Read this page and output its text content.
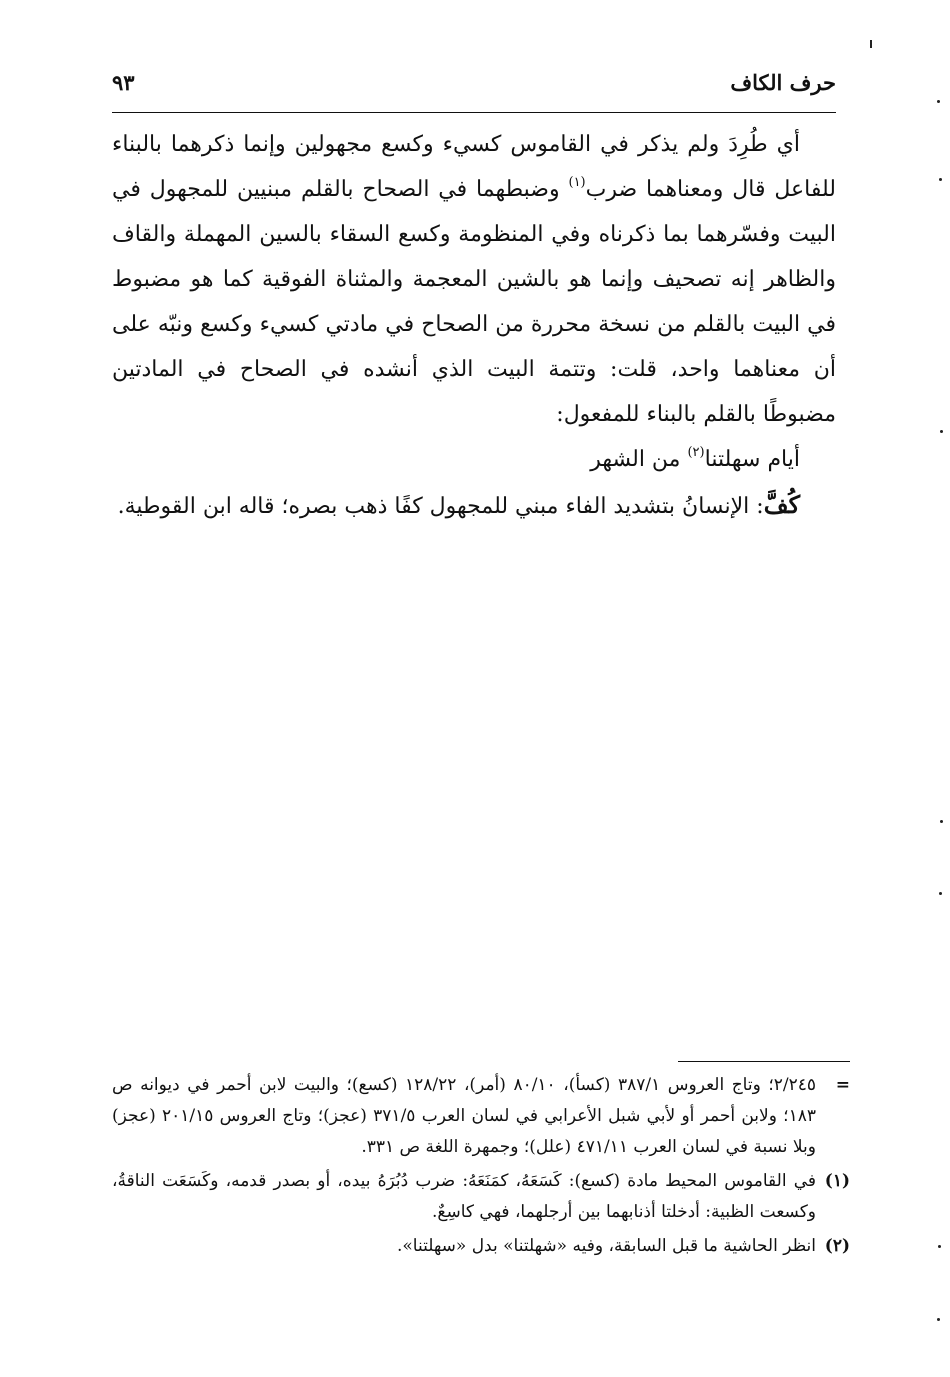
حرف الكاف
٩٣

أي طُرِدَ ولم يذكر في القاموس كسيء وكسع مجهولين وإنما ذكرهما بالبناء للفاعل قال ومعناهما ضرب$^{(١)}$ وضبطهما في الصحاح بالقلم مبنيين للمجهول في البيت وفسّرهما بما ذكرناه وفي المنظومة وكسع السقاء بالسين المهملة والقاف والظاهر إنه تصحيف وإنما هو بالشين المعجمة والمثناة الفوقية كما هو مضبوط في البيت بالقلم من نسخة محررة من الصحاح في مادتي كسيء وكسع ونبّه على أن معناهما واحد، قلت: وتتمة البيت الذي أنشده في الصحاح في المادتين مضبوطًا بالقلم بالبناء للمفعول:

أيام سهلتنا$^{(٢)}$ من الشهر

كُفَّ: الإنسانُ بتشديد الفاء مبني للمجهول كفًا ذهب بصره؛ قاله ابن القوطية.

=
٢/٢٤٥؛ وتاج العروس ٣٨٧/١ (كسأ)، ٨٠/١٠ (أمر)، ١٢٨/٢٢ (كسع)؛ والبيت لابن أحمر في ديوانه ص ١٨٣؛ ولابن أحمر أو لأبي شبل الأعرابي في لسان العرب ٣٧١/٥ (عجز)؛ وتاج العروس ٢٠١/١٥ (عجز) وبلا نسبة في لسان العرب ٤٧١/١١ (علل)؛ وجمهرة اللغة ص ٣٣١.
(١)
في القاموس المحيط مادة (كسع): كَسَعَهُ، كمَنَعَهُ: ضرب دُبُرَهُ بيده، أو بصدر قدمه، وكَسَعَت الناقةُ، وكسعت الظبية: أدخلتا أذنابهما بين أرجلهما، فهي كاسِعٌ.
(٢)
انظر الحاشية ما قبل السابقة، وفيه «شهلتنا» بدل «سهلتنا».
